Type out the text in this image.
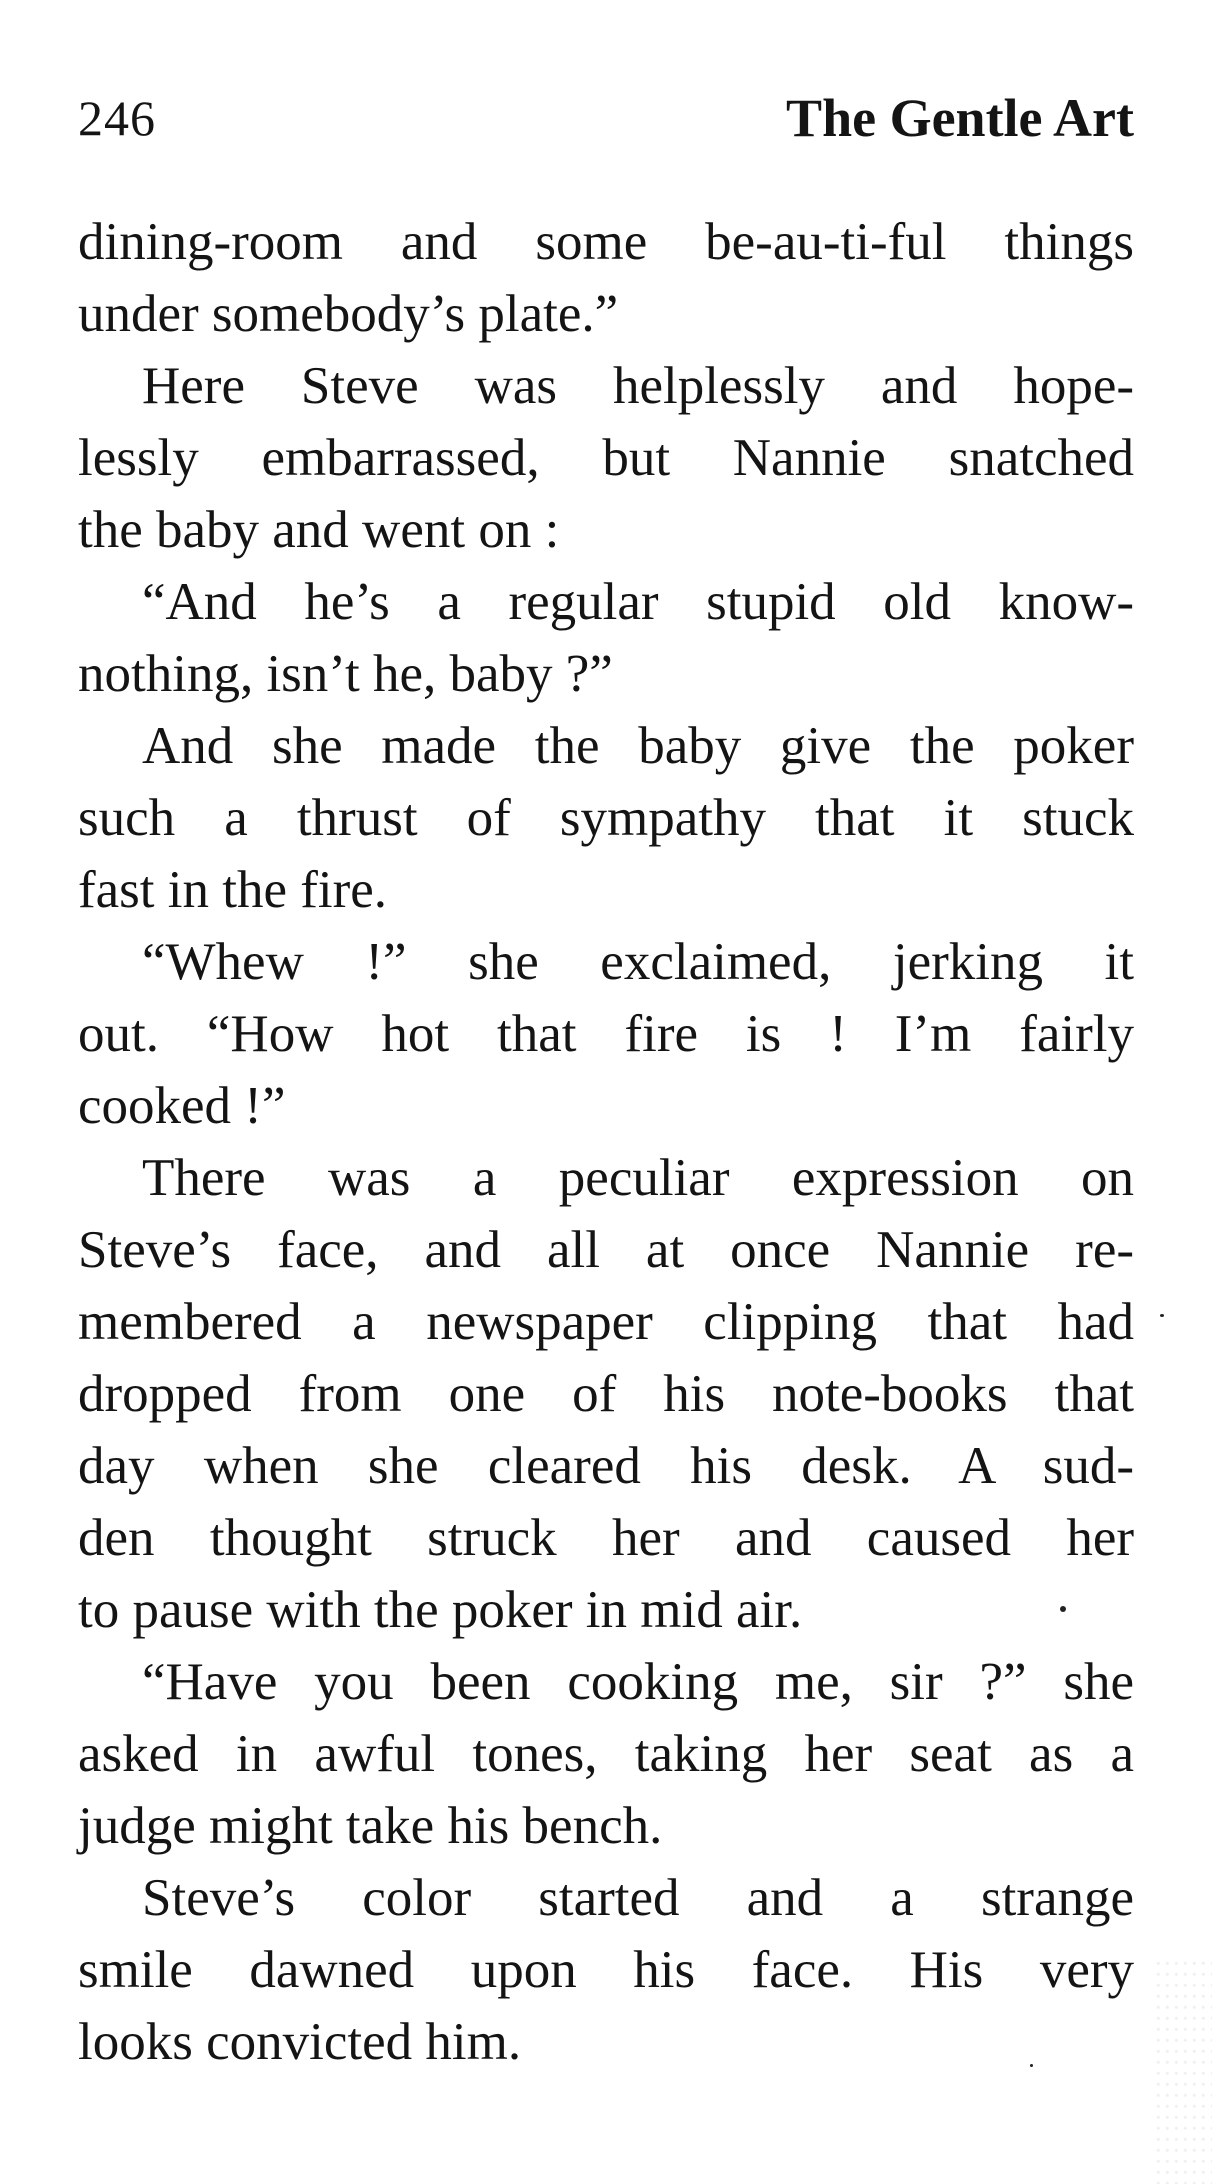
246	The Gentle Art
dining-room and some be-au-ti-ful things
under somebody’s plate.”
Here Steve was helplessly and hope-
lessly embarrassed, but Nannie snatched
the baby and went on :
“And he’s a regular stupid old know-
nothing, isn’t he, baby ?”
And she made the baby give the poker
such a thrust of sympathy that it stuck
fast in the fire.
“Whew !” she exclaimed, jerking it
out. “How hot that fire is ! I’m fairly
cooked !”
There was a peculiar expression on
Steve’s face, and all at once Nannie re-
membered a newspaper clipping that had
dropped from one of his note-books that
day when she cleared his desk. A sud-
den thought struck her and caused her
to pause with the poker in mid air.
“Have you been cooking me, sir ?” she
asked in awful tones, taking her seat as a
judge might take his bench.
Steve’s color started and a strange
smile dawned upon his face. His very
looks convicted him.
